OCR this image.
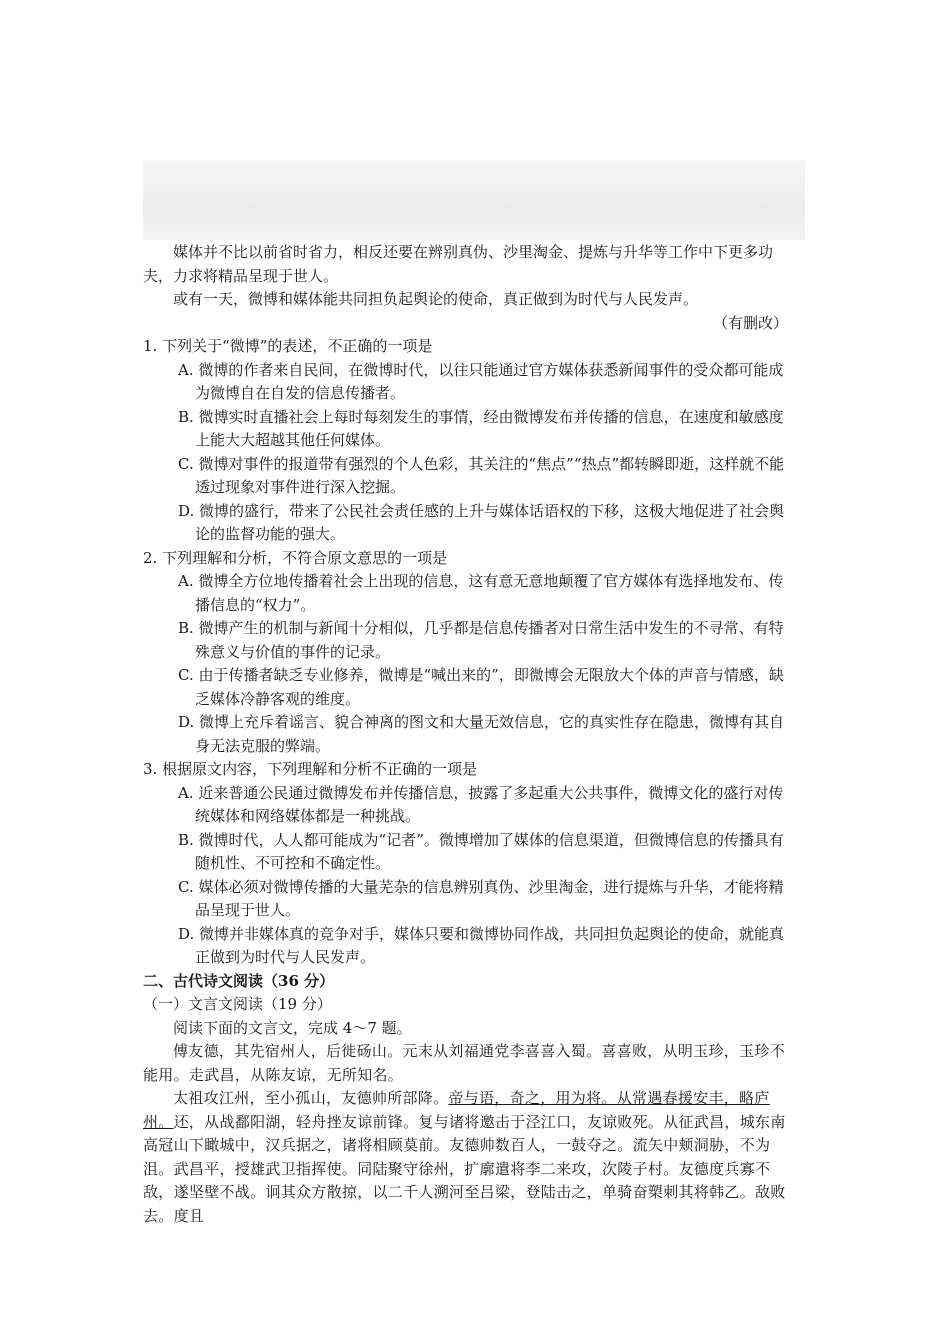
媒体并不比以前省时省力，相反还要在辨别真伪、沙里淘金、提炼与升华等工作中下更多功夫，力求将精品呈现于世人。

或有一天，微博和媒体能共同担负起舆论的使命，真正做到为时代与人民发声。

（有删改）

1. 下列关于“微博”的表述，不正确的一项是

A. 微博的作者来自民间，在微博时代，以往只能通过官方媒体获悉新闻事件的受众都可能成为微博自在自发的信息传播者。

B. 微博实时直播社会上每时每刻发生的事情，经由微博发布并传播的信息，在速度和敏感度上能大大超越其他任何媒体。

C. 微博对事件的报道带有强烈的个人色彩，其关注的“焦点”“热点”都转瞬即逝，这样就不能透过现象对事件进行深入挖掘。

D. 微博的盛行，带来了公民社会责任感的上升与媒体话语权的下移，这极大地促进了社会舆论的监督功能的强大。

2. 下列理解和分析，不符合原文意思的一项是

A. 微博全方位地传播着社会上出现的信息，这有意无意地颠覆了官方媒体有选择地发布、传播信息的“权力”。

B. 微博产生的机制与新闻十分相似，几乎都是信息传播者对日常生活中发生的不寻常、有特殊意义与价值的事件的记录。

C. 由于传播者缺乏专业修养，微博是“喊出来的”，即微博会无限放大个体的声音与情感，缺乏媒体冷静客观的维度。

D. 微博上充斥着谣言、貌合神离的图文和大量无效信息，它的真实性存在隐患，微博有其自身无法克服的弊端。

3. 根据原文内容，下列理解和分析不正确的一项是

A. 近来普通公民通过微博发布并传播信息，披露了多起重大公共事件，微博文化的盛行对传统媒体和网络媒体都是一种挑战。

B. 微博时代，人人都可能成为“记者”。微博增加了媒体的信息渠道，但微博信息的传播具有随机性、不可控和不确定性。

C. 媒体必须对微博传播的大量芜杂的信息辨别真伪、沙里淘金，进行提炼与升华，才能将精品呈现于世人。

D. 微博并非媒体真的竞争对手，媒体只要和微博协同作战，共同担负起舆论的使命，就能真正做到为时代与人民发声。

二、古代诗文阅读（36 分）

（一）文言文阅读（19 分）

阅读下面的文言文，完成 4～7 题。

傅友德，其先宿州人，后徙砀山。元末从刘福通党李喜喜入蜀。喜喜败，从明玉珍，玉珍不能用。走武昌，从陈友谅，无所知名。

太祖攻江州，至小孤山，友德帅所部降。帝与语，奇之，用为将。从常遇春援安丰，略庐州。还，从战鄱阳湖，轻舟挫友谅前锋。复与诸将邀击于泾江口，友谅败死。从征武昌，城东南高冠山下瞰城中，汉兵据之，诸将相顾莫前。友德帅数百人，一鼓夺之。流矢中颊洞胁，不为沮。武昌平，授雄武卫指挥使。同陆聚守徐州，扩廓遣将李二来攻，次陵子村。友德度兵寡不敌，遂坚壁不战。诇其众方散掠，以二千人溯河至吕梁，登陆击之，单骑奋槊刺其将韩乙。敌败去。度且
